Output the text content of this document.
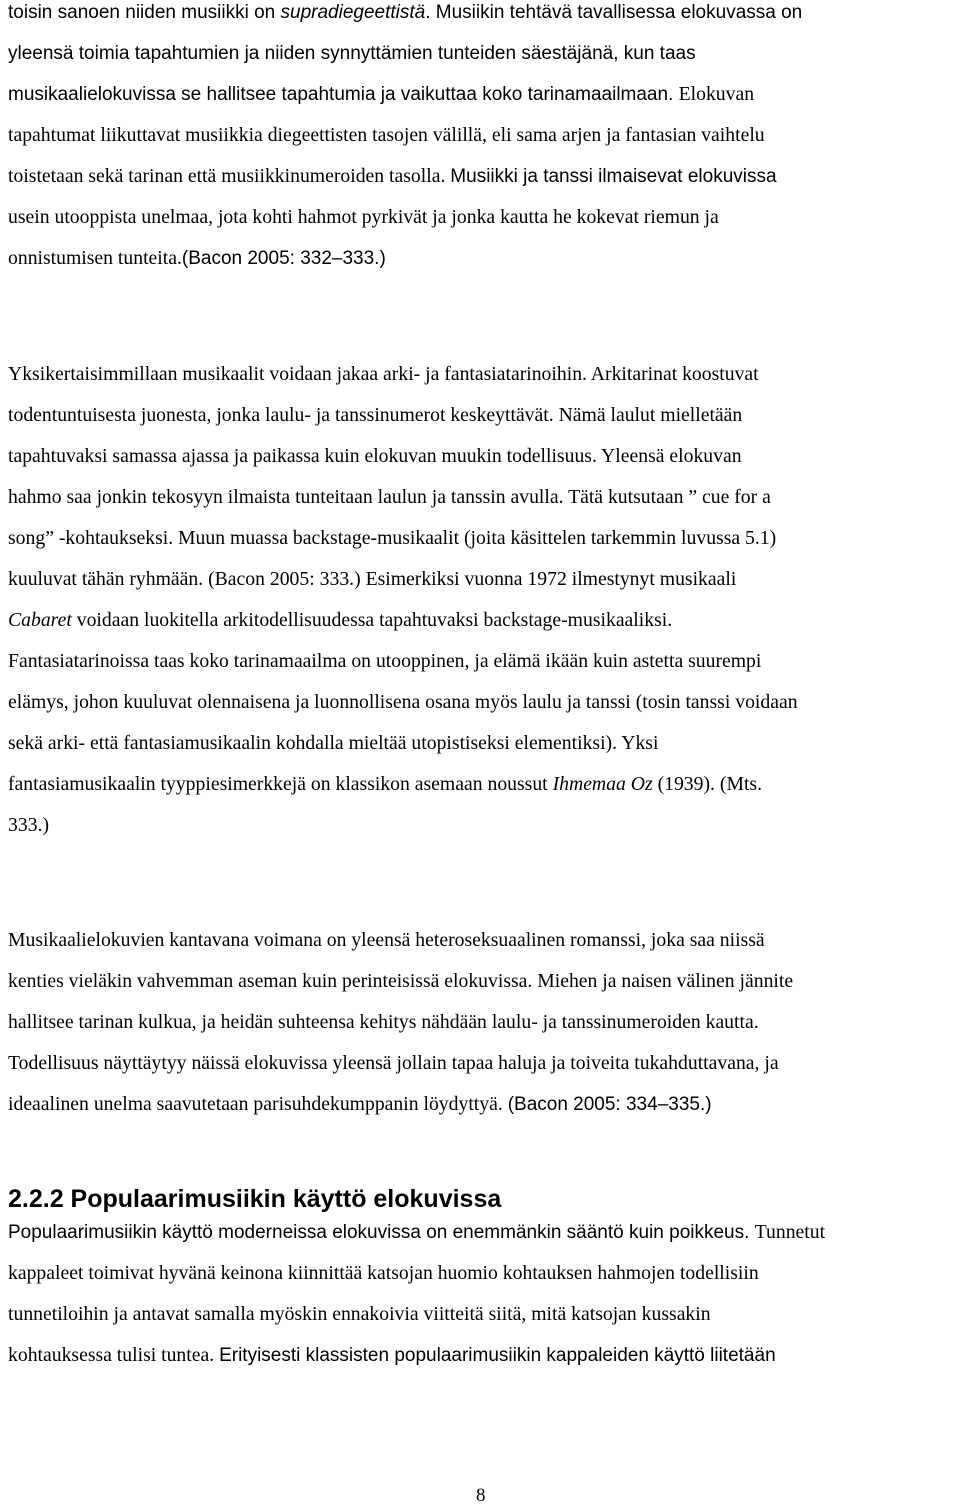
toisin sanoen niiden musiikki on supradiegeettistä. Musiikin tehtävä tavallisessa elokuvassa on
yleensä toimia tapahtumien ja niiden synnyttämien tunteiden säestäjänä, kun taas
musikaalielokuvissa se hallitsee tapahtumia ja vaikuttaa koko tarinamaailmaan. Elokuvan
tapahtumat liikuttavat musiikkia diegeettisten tasojen välillä, eli sama arjen ja fantasian vaihtelu
toistetaan sekä tarinan että musiikkinumeroiden tasolla. Musiikki ja tanssi ilmaisevat elokuvissa
usein utooppista unelmaa, jota kohti hahmot pyrkivät ja jonka kautta he kokevat riemun ja
onnistumisen tunteita.(Bacon 2005: 332–333.)
Yksikertaisimmillaan musikaalit voidaan jakaa arki- ja fantasiatarinoihin. Arkitarinat koostuvat
todentuntuisesta juonesta, jonka laulu- ja tanssinumerot keskeyttävät. Nämä laulut mielletään
tapahtuvaksi samassa ajassa ja paikassa kuin elokuvan muukin todellisuus. Yleensä elokuvan
hahmo saa jonkin tekosyyn ilmaista tunteitaan laulun ja tanssin avulla. Tätä kutsutaan ” cue for a
song” -kohtaukseksi. Muun muassa backstage-musikaalit (joita käsittelen tarkemmin luvussa 5.1)
kuuluvat tähän ryhmään. (Bacon 2005: 333.) Esimerkiksi vuonna 1972 ilmestynyt musikaali
Cabaret voidaan luokitella arkitodellisuudessa tapahtuvaksi backstage-musikaaliksi.
Fantasiatarinoissa taas koko tarinamaailma on utooppinen, ja elämä ikään kuin astetta suurempi
elämys, johon kuuluvat olennaisena ja luonnollisena osana myös laulu ja tanssi (tosin tanssi voidaan
sekä arki- että fantasiamusikaalin kohdalla mieltää utopistiseksi elementiksi). Yksi
fantasiamusikaalin tyyppiesimerkkejä on klassikon asemaan noussut Ihmemaa Oz (1939). (Mts.
333.)
Musikaalielokuvien kantavana voimana on yleensä heteroseksuaalinen romanssi, joka saa niissä
kenties vieläkin vahvemman aseman kuin perinteisissä elokuvissa. Miehen ja naisen välinen jännite
hallitsee tarinan kulkua, ja heidän suhteensa kehitys nähdään laulu- ja tanssinumeroiden kautta.
Todellisuus näyttäytyy näissä elokuvissa yleensä jollain tapaa haluja ja toiveita tukahduttavana, ja
ideaalinen unelma saavutetaan parisuhdekumppanin löydyttyä. (Bacon 2005: 334–335.)
2.2.2 Populaarimusiikin käyttö elokuvissa
Populaarimusiikin käyttö moderneissa elokuvissa on enemmänkin sääntö kuin poikkeus. Tunnetut
kappaleet toimivat hyvänä keinona kiinnittää katsojan huomio kohtauksen hahmojen todellisiin
tunnetiloihin ja antavat samalla myöskin ennakoivia viitteitä siitä, mitä katsojan kussakin
kohtauksessa tulisi tuntea. Erityisesti klassisten populaarimusiikin kappaleiden käyttö liitetään
8
